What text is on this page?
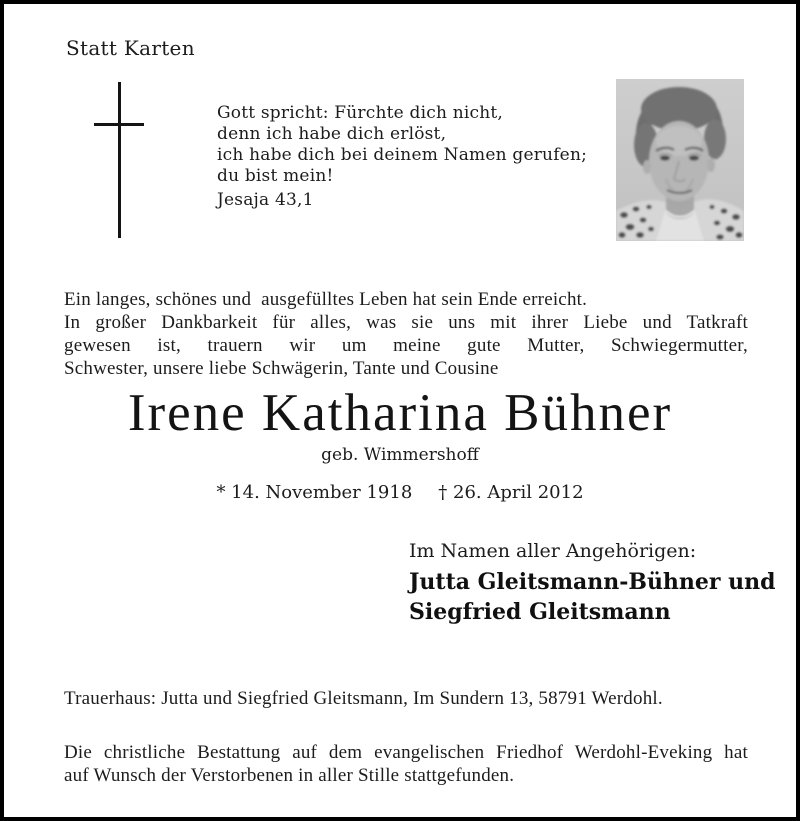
Statt Karten
Gott spricht: Fürchte dich nicht,
denn ich habe dich erlöst,
ich habe dich bei deinem Namen gerufen;
du bist mein!
Jesaja 43,1
Ein langes, schönes und  ausgefülltes Leben hat sein Ende erreicht.
In großer Dankbarkeit für alles, was sie uns mit ihrer Liebe und Tatkraft
gewesen ist, trauern wir um meine gute Mutter, Schwiegermutter,
Schwester, unsere liebe Schwägerin, Tante und Cousine
Irene Katharina Bühner
geb. Wimmershoff
* 14. November 1918 † 26. April 2012
Im Namen aller Angehörigen:
Jutta Gleitsmann-Bühner und
Siegfried Gleitsmann
Trauerhaus: Jutta und Siegfried Gleitsmann, Im Sundern 13, 58791 Werdohl.
Die christliche Bestattung auf dem evangelischen Friedhof Werdohl-Eveking hat
auf Wunsch der Verstorbenen in aller Stille stattgefunden.
